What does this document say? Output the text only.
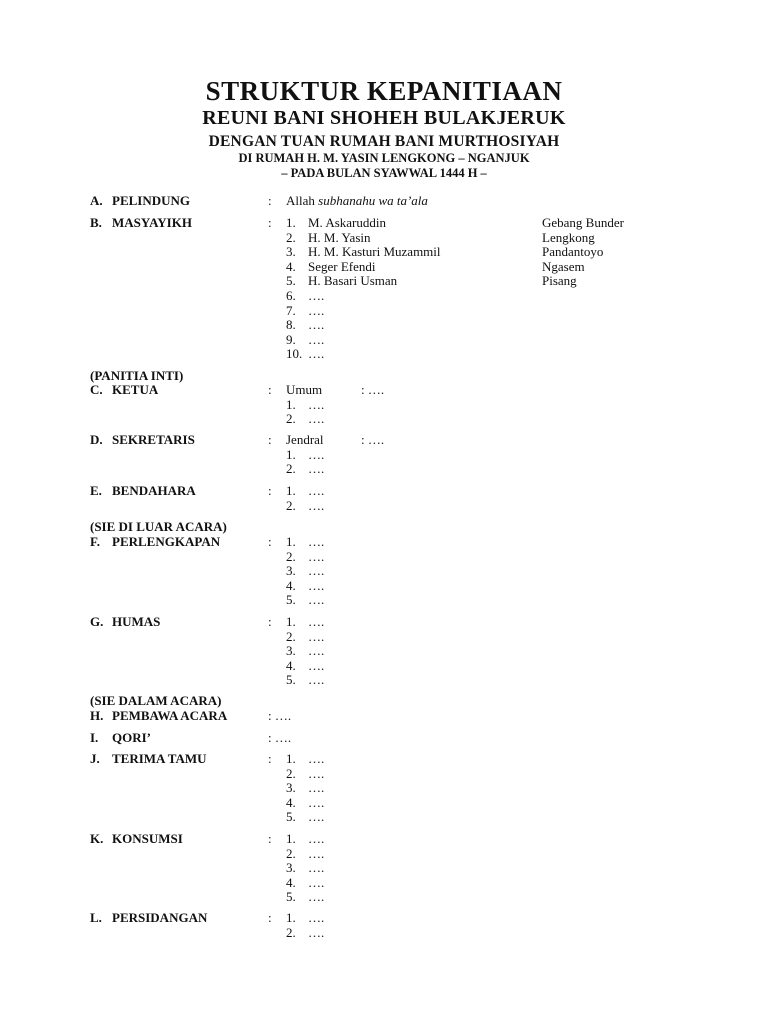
STRUKTUR KEPANITIAAN
REUNI BANI SHOHEH BULAKJERUK
DENGAN TUAN RUMAH BANI MURTHOSIYAH
DI RUMAH H. M. YASIN LENGKONG – NGANJUK
– PADA BULAN SYAWWAL 1444 H –
A. PELINDUNG	: Allah subhanahu wa ta’ala
B. MASYAYIKH	: 1. M. Askaruddin	Gebang Bunder
2. H. M. Yasin	Lengkong
3. H. M. Kasturi Muzammil	Pandantoyo
4. Seger Efendi	Ngasem
5. H. Basari Usman	Pisang
6. ….
7. ….
8. ….
9. ….
10. ….
(PANITIA INTI)
C. KETUA	: Umum	: ….
1. ….
2. ….
D. SEKRETARIS	: Jendral	: ….
1. ….
2. ….
E. BENDAHARA	: 1. ….
2. ….
(SIE DI LUAR ACARA)
F. PERLENGKAPAN	: 1. ….
2. ….
3. ….
4. ….
5. ….
G. HUMAS	: 1. ….
2. ….
3. ….
4. ….
5. ….
(SIE DALAM ACARA)
H. PEMBAWA ACARA	: ….
I. QORI’	: ….
J. TERIMA TAMU	: 1. ….
2. ….
3. ….
4. ….
5. ….
K. KONSUMSI	: 1. ….
2. ….
3. ….
4. ….
5. ….
L. PERSIDANGAN	: 1. ….
2. ….
